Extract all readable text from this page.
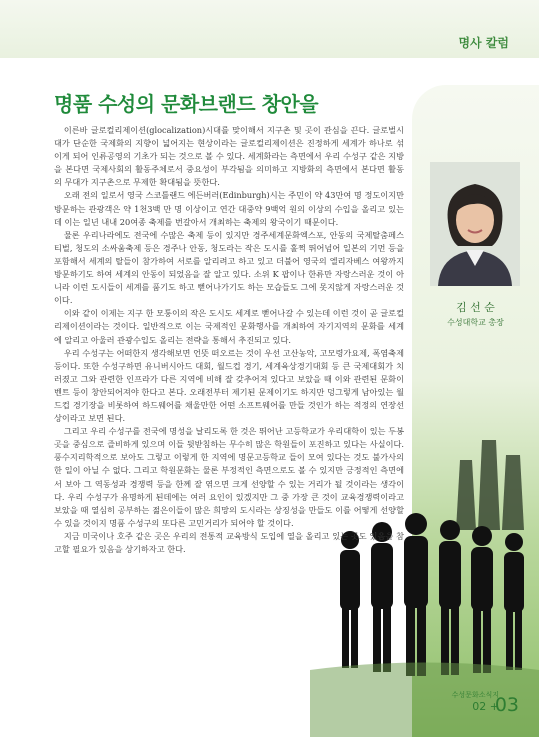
명사 칼럼
김 선 순
수성대학교 총장
명품 수성의 문화브랜드 창안을

이른바 글로컬리제이션(glocalization)시대를 맞이해서 지구촌 및 곳이 관심을 끈다. 글로벌시대가 단순한 국제화의 지향이 넓어지는 현상이라는 글로컬리제이션은 진정하게 세계가 하나로 섞이게 되어 인류공영의 기초가 되는 것으로 볼 수 있다. 세계화라는 측면에서 우리 수성구 같은 지방을 본다면 국제사회의 활동주체로서 중요성이 부각됨을 의미하고 지방화의 측면에서 본다면 활동의 무대가 지구촌으로 무제한 확대됨을 뜻한다.

오래 전의 일로서 영국 스코틀랜드 에든버러(Edinburgh)시는 주민이 약 43만여 명 정도이지만 방문하는 관광객은 약 1천3백 만 명 이상이고 연간 대중약 9백억 원의 이상의 수입을 올리고 있는데 이는 일년 내내 20여종 축제를 번갈아서 개최하는 축제의 왕국이기 때문이다.

물론 우리나라에도 전국에 수많은 축제 등이 있지만 경주세계문화엑스포, 안동의 국제탈춤페스티벌, 청도의 소싸움축제 등은 경주나 안동, 청도라는 작은 도시를 훌쩍 뛰어넘어 일본의 기먼 등을 포함해서 세계의 탈들이 참가하여 서로를 알리려고 하고 있고 더불어 영국의 엘리자베스 여왕까지 방문하기도 하여 세계의 안동이 되었음을 잘 알고 있다. 소위 K 팝이나 한류만 자랑스러운 것이 아니라 이런 도시들이 세계를 품기도 하고 뻗어나가기도 하는 모습들도 그에 못지않게 자랑스러운 것이다.

이와 같이 이제는 지구 한 모퉁이의 작은 도시도 세계로 뻗어나갈 수 있는데 이런 것이 곧 글로컬리제이션이라는 것이다. 일반적으로 이는 국제적인 문화행사를 개최하여 자기지역의 문화를 세계에 알리고 아울러 관광수입도 올리는 전략을 통해서 추진되고 있다.

우리 수성구는 어떠한지 생각해보면 언뜻 떠오르는 것이 우선 고산농악, 고모령가요제, 폭염축제 등이다. 또한 수성구하면 유니버시아드 대회, 월드컵 경기, 세계육상경기대회 등 큰 국제대회가 치러졌고 그와 관련한 인프라가 다른 지역에 비해 잘 갖추어져 있다고 보았을 때 이와 관련된 문화이벤트 등이 창안되어져야 한다고 본다. 오래전부터 제기된 문제이기도 하지만 덩그렇게 남아있는 월드컵 경기장을 비롯하여 하드웨어를 채울만한 어떤 소프트웨어를 만들 것인가 하는 적정의 연장선상이라고 보면 된다.

그리고 우리 수성구를 전국에 명성을 날리도록 한 것은 뛰어난 고등학교가 우리대학이 있는 두봉곳을 중심으로 즐비하게 있으며 이들 뒷받침하는 무수히 많은 학원들이 포진하고 있다는 사실이다. 풍수지리학적으로 보아도 그렇고 이렇게 한 지역에 명문고등학교 들이 모여 있다는 것도 불가사의한 일이 아닐 수 없다. 그리고 학원문화는 물론 부정적인 측면으로도 볼 수 있지만 긍정적인 측면에서 보아 그 역동성과 경쟁력 등을 한께 잘 엮으면 크게 선양할 수 있는 거리가 될 것이라는 생각이다. 우리 수성구가 유명하게 된데에는 여러 요인이 있겠지만 그 중 가장 큰 것이 교육경쟁력이라고 보았을 때 열심히 공부하는 젊은이들이 많은 희망의 도시라는 상징성을 만들도 이를 어떻게 선양할 수 있을 것이지 명품 수성구의 또다른 고민거리가 되어야 할 것이다.

지금 미국이나 호주 같은 곳은 우리의 전통적 교육방식 도입에 열을 올리고 있는 곳도 있음을 참고할 필요가 있음을 상기하자고 한다.

수성문화소식지
02 +
03
